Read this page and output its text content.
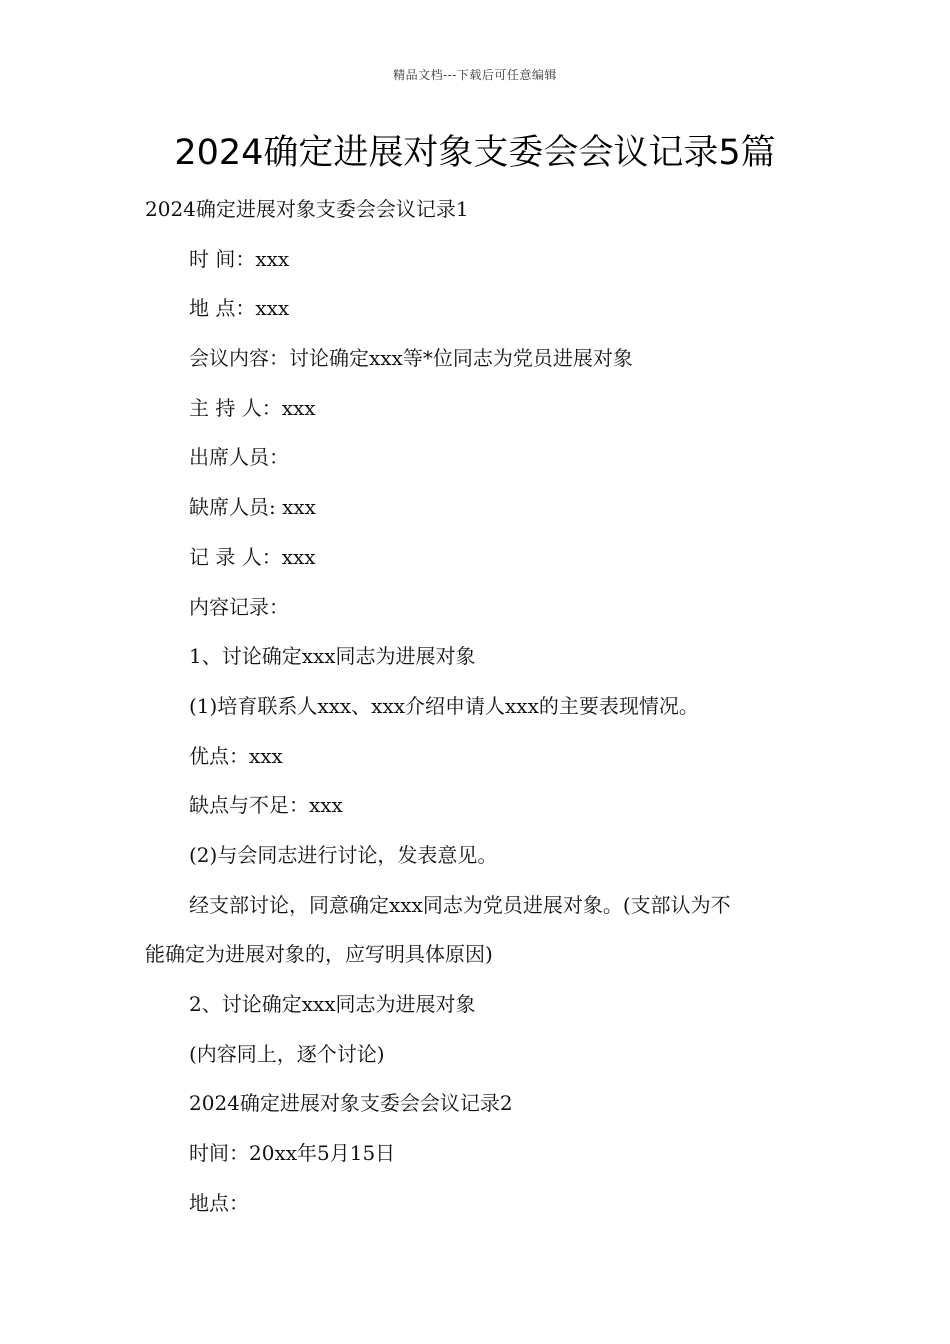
精品文档---下载后可任意编辑
2024确定进展对象支委会会议记录5篇
2024确定进展对象支委会会议记录1
时 间：xxx
地 点：xxx
会议内容：讨论确定xxx等*位同志为党员进展对象
主 持 人：xxx
出席人员：
缺席人员: xxx
记 录 人：xxx
内容记录：
1、讨论确定xxx同志为进展对象
(1)培育联系人xxx、xxx介绍申请人xxx的主要表现情况。
优点：xxx
缺点与不足：xxx
(2)与会同志进行讨论，发表意见。
经支部讨论，同意确定xxx同志为党员进展对象。(支部认为不
能确定为进展对象的，应写明具体原因)
2、讨论确定xxx同志为进展对象
(内容同上，逐个讨论)
2024确定进展对象支委会会议记录2
时间：20xx年5月15日
地点：
